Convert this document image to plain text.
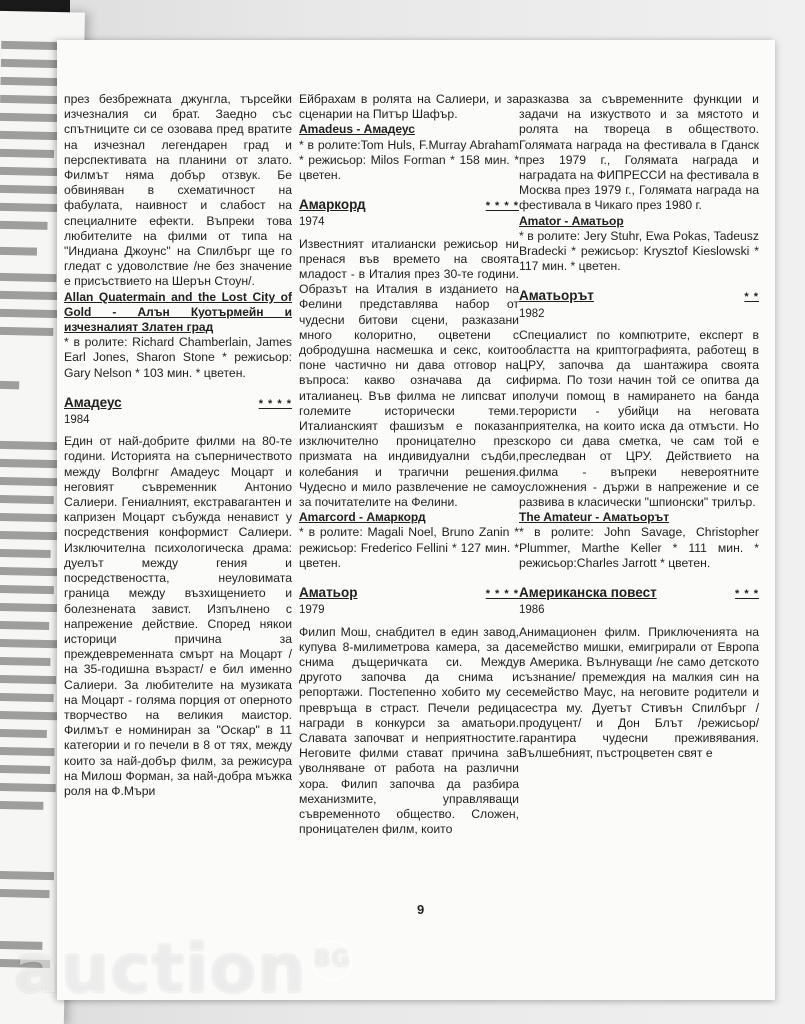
през безбрежната джунгла, търсейки изчезналия си брат. Заедно със спътниците си се озовава пред вратите на изчезнал легендарен град и перспективата на планини от злато. Филмът няма добър отзвук. Бе обвиняван в схематичност на фабулата, наивност и слабост на специалните ефекти. Въпреки това любителите на филми от типа на "Индиана Джоунс" на Спилбърг ще го гледат с удоволствие /не без значение е присъствието на Шерън Стоун/.

Allan Quatermain and the Lost City of Gold - Алън Куотърмейн и изчезналият Златен град

* в ролите: Richard Chamberlain, James Earl Jones, Sharon Stone * режисьор: Gary Nelson * 103 мин. * цветен.

Амадеус	* * * *
1984

Един от най-добрите филми на 80-те години. Историята на съперничеството между Волфгнг Амадеус Моцарт и неговият съвременник Антонио Салиери. Гениалният, екстравагантен и капризен Моцарт събужда ненавист у посредствения конформист Салиери. Изключителна психологическа драма: дуелът между гения и посредствеността, неуловимата граница между възхищението и болезнената завист. Изпълнено с напрежение действие. Според някои историци причина за преждевременната смърт на Моцарт /на 35-годишна възраст/ е бил именно Салиери. За любителите на музиката на Моцарт - голяма порция от оперното творчество на великия маистор. Филмът е номиниран за "Оскар" в 11 категории и го печели в 8 от тях, между които за най-добър филм, за режисура на Милош Форман, за най-добра мъжка роля на Ф.Мъри

Ейбрахам в ролята на Салиери, и за сценарии на Питър Шафър.

Amadeus - Амадеус

* в ролите:Tom Huls, F.Murray Abraham * режисьор: Milos Forman * 158 мин. * цветен.

Амаркорд	* * * *
1974

Известният италиански режисьор ни пренася във времето на своята младост - в Италия през 30-те години. Образът на Италия в изданието на Фелини представлява набор от чудесни битови сцени, разказани много колоритно, оцветени с добродушна насмешка и секс, които поне частично ни дава отговор на въпроса: какво означава да си италианец. Във филма не липсват и големите исторически теми. Италианският фашизъм е показан изключително проницателно през призмата на индивидуални съдби, колебания и трагични решения. Чудесно и мило развлечение не само за почитателите на Фелини.

Amarcord - Амаркорд

* в ролите: Magali Noel, Bruno Zanin * режисьор: Frederico Fellini * 127 мин. * цветен.

Аматьор	* * * *
1979

Филип Мош, снабдител в един завод, купува 8-милиметрова камера, за да снима дъщеричката си. Между другото започва да снима и репортажи. Постепенно хобито му се превръща в страст. Печели редица награди в конкурси за аматьори. Славата започват и неприятностите. Неговите филми стават причина за уволняване от работа на различни хора. Филип започва да разбира механизмите, управляващи съвременното общество. Сложен, проницателен филм, които

разказва за съвременните функции и задачи на изкуството и за мястото и ролята на твореца в обществото. Голямата награда на фестивала в Гданск през 1979 г., Голямата награда и наградата на ФИПРЕССИ на фестивала в Москва през 1979 г., Голямата награда на фестивала в Чикаго през 1980 г.

Amator - Аматьор

* в ролите: Jery Stuhr, Ewa Pokas, Tadeusz Bradecki * режисьор: Krysztof Kieslowski * 117 мин. * цветен.

Аматьорът	* *
1982

Специалист по компютрите, експерт в областта на криптографията, работещ в ЦРУ, започва да шантажира своята фирма. По този начин той се опитва да получи помощ в намирането на банда терористи - убийци на неговата приятелка, на които иска да отмъсти. Но скоро си дава сметка, че сам той е преследван от ЦРУ. Действието на филма - въпреки невероятните усложнения - държи в напрежение и се развива в класически "шпионски" трилър.

The Amateur - Аматьорът

* в ролите: John Savage, Christopher Plummer, Marthe Keller * 111 мин. * режисьор:Charles Jarrott * цветен.

Американска повест	* * *
1986

Анимационен филм. Приключенията на семейство мишки, емигрирали от Европа в Америка. Вълнуващи /не само детското съзнание/ премеждия на малкия син на семейство Маус, на неговите родители и сестра му. Дуетът Стивън Спилбърг /продуцент/ и Дон Блът /режисьор/ гарантира чудесни преживявания. Вълшебният, пъстроцветен свят е

9
auction BG
